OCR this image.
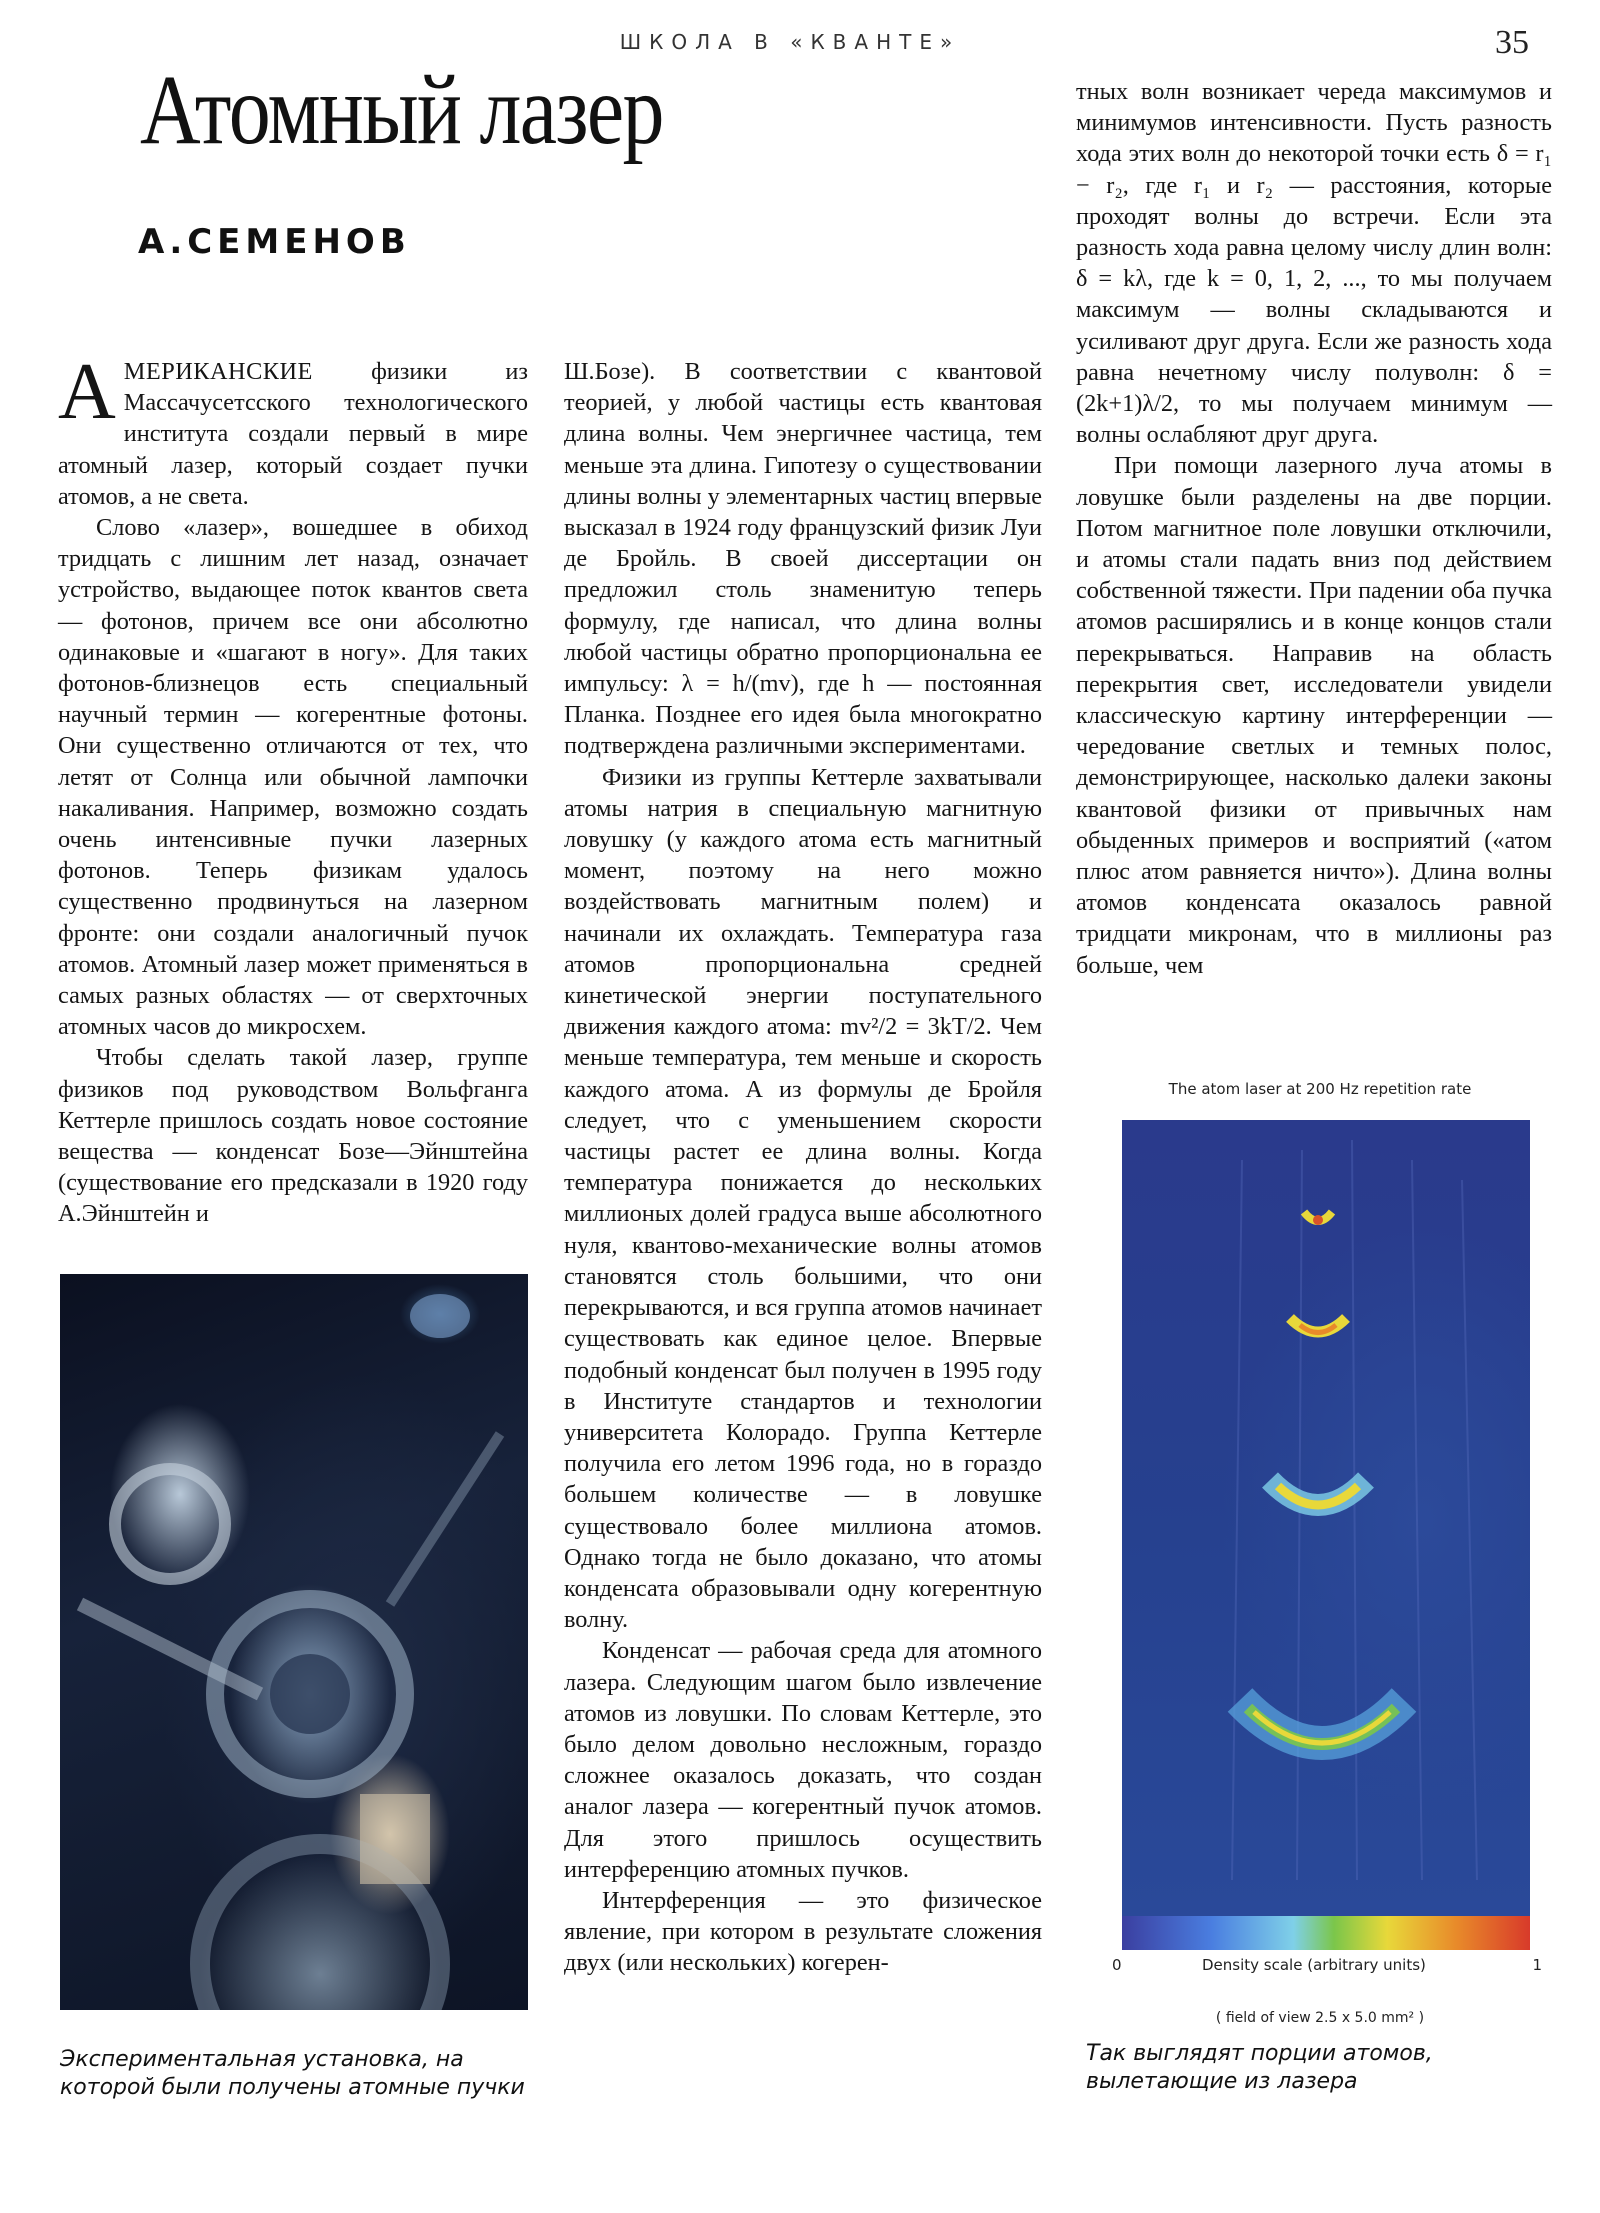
ШКОЛА В «КВАНТЕ»	35
Атомный лазер
А.СЕМЕНОВ

АМЕРИКАНСКИЕ физики из Массачусетсского технологического института создали первый в мире атомный лазер, который создает пучки атомов, а не света.

Слово «лазер», вошедшее в обиход тридцать с лишним лет назад, означает устройство, выдающее поток квантов света — фотонов, причем все они абсолютно одинаковые и «шагают в ногу». Для таких фотонов-близнецов есть специальный научный термин — когерентные фотоны. Они существенно отличаются от тех, что летят от Солнца или обычной лампочки накаливания. Например, возможно создать очень интенсивные пучки лазерных фотонов. Теперь физикам удалось существенно продвинуться на лазерном фронте: они создали аналогичный пучок атомов. Атомный лазер может применяться в самых разных областях — от сверхточных атомных часов до микросхем.

Чтобы сделать такой лазер, группе физиков под руководством Вольфганга Кеттерле пришлось создать новое состояние вещества — конденсат Бозе—Эйнштейна (существование его предсказали в 1920 году А.Эйнштейн и

Экспериментальная установка, на которой были получены атомные пучки

Ш.Бозе). В соответствии с квантовой теорией, у любой частицы есть квантовая длина волны. Чем энергичнее частица, тем меньше эта длина. Гипотезу о существовании длины волны у элементарных частиц впервые высказал в 1924 году французский физик Луи де Бройль. В своей диссертации он предложил столь знаменитую теперь формулу, где написал, что длина волны любой частицы обратно пропорциональна ее импульсу: λ = h/(mv), где h — постоянная Планка. Позднее его идея была многократно подтверждена различными экспериментами.

Физики из группы Кеттерле захватывали атомы натрия в специальную магнитную ловушку (у каждого атома есть магнитный момент, поэтому на него можно воздействовать магнитным полем) и начинали их охлаждать. Температура газа атомов пропорциональна средней кинетической энергии поступательного движения каждого атома: mv²/2 = 3kT/2. Чем меньше температура, тем меньше и скорость каждого атома. А из формулы де Бройля следует, что с уменьшением скорости частицы растет ее длина волны. Когда температура понижается до нескольких миллионых долей градуса выше абсолютного нуля, квантово-механические волны атомов становятся столь большими, что они перекрываются, и вся группа атомов начинает существовать как единое целое. Впервые подобный конденсат был получен в 1995 году в Институте стандартов и технологии университета Колорадо. Группа Кеттерле получила его летом 1996 года, но в гораздо большем количестве — в ловушке существовало более миллиона атомов. Однако тогда не было доказано, что атомы конденсата образовывали одну когерентную волну.

Конденсат — рабочая среда для атомного лазера. Следующим шагом было извлечение атомов из ловушки. По словам Кеттерле, это было делом довольно несложным, гораздо сложнее оказалось доказать, что создан аналог лазера — когерентный пучок атомов. Для этого пришлось осуществить интерференцию атомных пучков.

Интерференция — это физическое явление, при котором в результате сложения двух (или нескольких) когерен-

тных волн возникает череда максимумов и минимумов интенсивности. Пусть разность хода этих волн до некоторой точки есть δ = r₁ − r₂, где r₁ и r₂ — расстояния, которые проходят волны до встречи. Если эта разность хода равна целому числу длин волн: δ = kλ, где k = 0, 1, 2, ..., то мы получаем максимум — волны складываются и усиливают друг друга. Если же разность хода равна нечетному числу полуволн: δ = (2k+1)λ/2, то мы получаем минимум — волны ослабляют друг друга.

При помощи лазерного луча атомы в ловушке были разделены на две порции. Потом магнитное поле ловушки отключили, и атомы стали падать вниз под действием собственной тяжести. При падении оба пучка атомов расширялись и в конце концов стали перекрываться. Направив на область перекрытия свет, исследователи увидели классическую картину интерференции — чередование светлых и темных полос, демонстрирующее, насколько далеки законы квантовой физики от привычных нам обыденных примеров и восприятий («атом плюс атом равняется ничто»). Длина волны атомов конденсата оказалось равной тридцати микронам, что в миллионы раз больше, чем

The atom laser at 200 Hz repetition rate
0	Density scale (arbitrary units)	1
( field of view 2.5 x 5.0 mm² )

Так выглядят порции атомов, вылетающие из лазера
